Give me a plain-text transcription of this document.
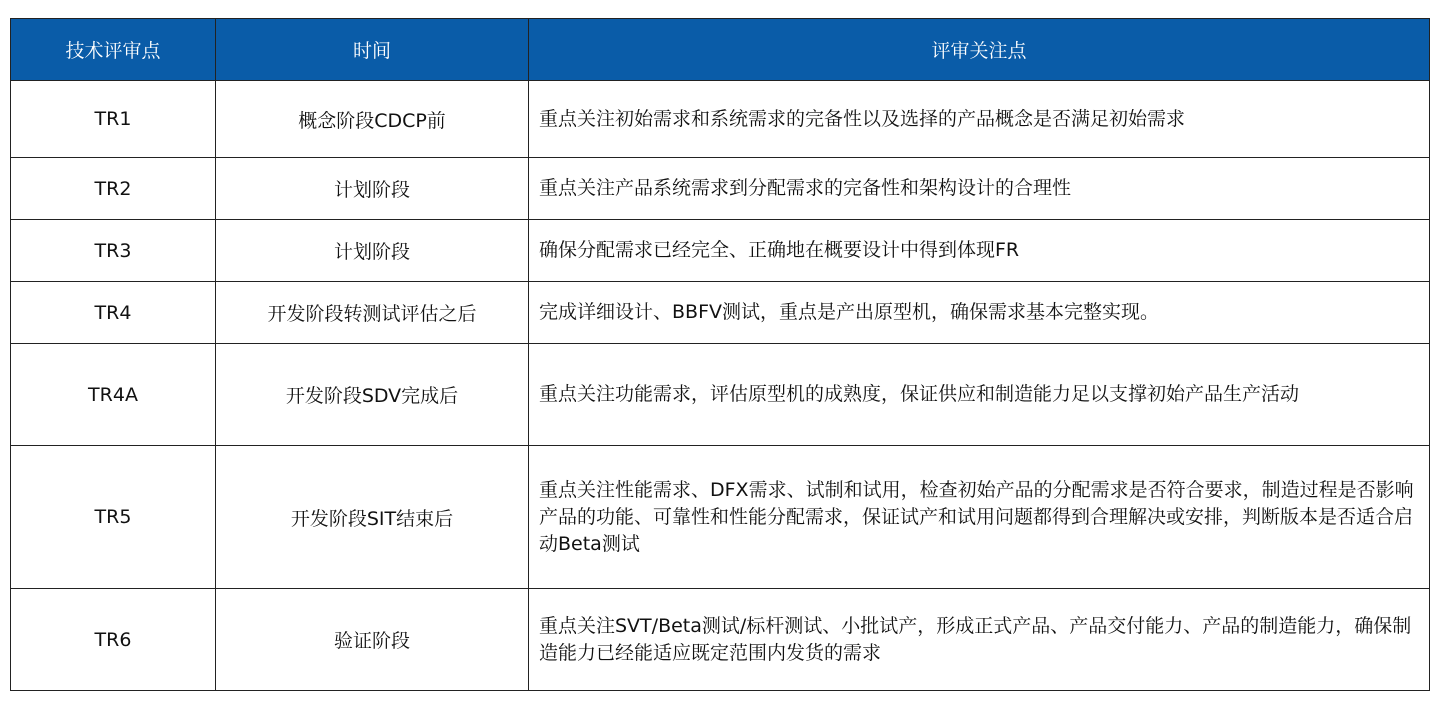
技术评审点	时间	评审关注点
TR1	概念阶段CDCP前	重点关注初始需求和系统需求的完备性以及选择的产品概念是否满足初始需求
TR2	计划阶段	重点关注产品系统需求到分配需求的完备性和架构设计的合理性
TR3	计划阶段	确保分配需求已经完全、正确地在概要设计中得到体现FR
TR4	开发阶段转测试评估之后	完成详细设计、BBFV测试，重点是产出原型机，确保需求基本完整实现。
TR4A	开发阶段SDV完成后	重点关注功能需求，评估原型机的成熟度，保证供应和制造能力足以支撑初始产品生产活动
TR5	开发阶段SIT结束后	重点关注性能需求、DFX需求、试制和试用，检查初始产品的分配需求是否符合要求，制造过程是否影响产品的功能、可靠性和性能分配需求，保证试产和试用问题都得到合理解决或安排，判断版本是否适合启动Beta测试
TR6	验证阶段	重点关注SVT/Beta测试/标杆测试、小批试产，形成正式产品、产品交付能力、产品的制造能力，确保制造能力已经能适应既定范围内发货的需求
